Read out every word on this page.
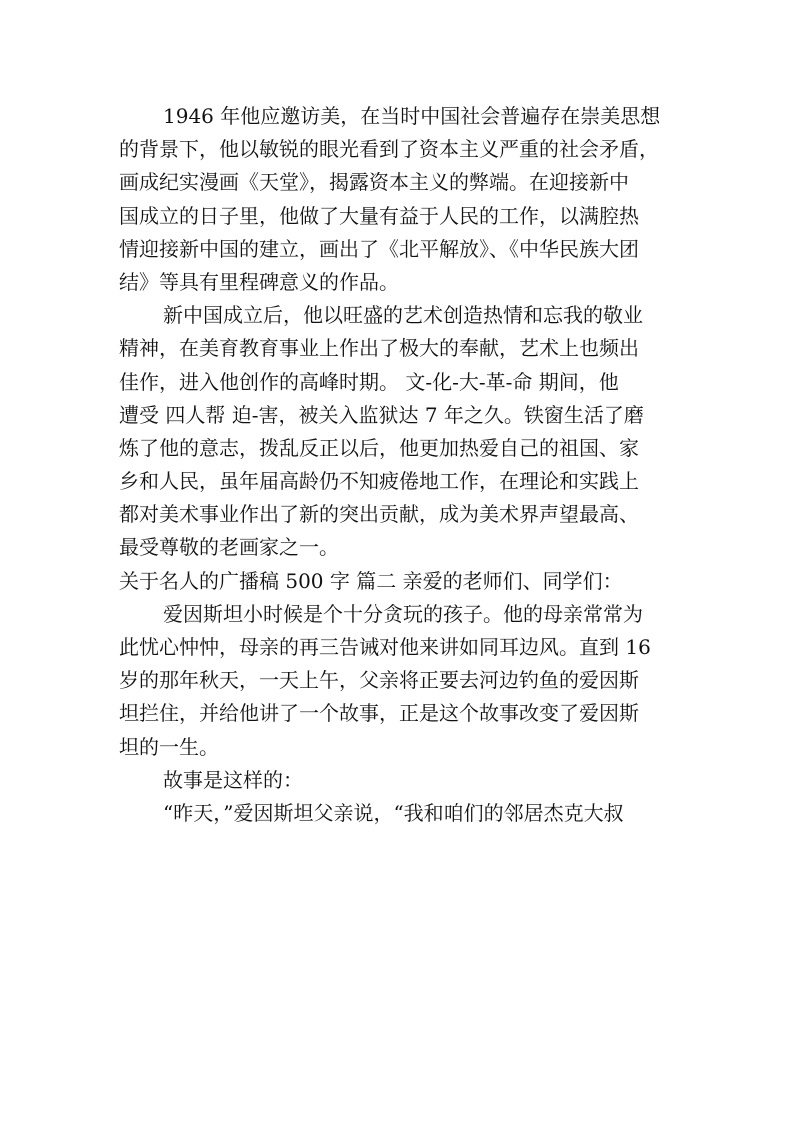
1946 年他应邀访美，在当时中国社会普遍存在崇美思想
的背景下，他以敏锐的眼光看到了资本主义严重的社会矛盾，
画成纪实漫画《天堂》，揭露资本主义的弊端。在迎接新中
国成立的日子里，他做了大量有益于人民的工作，以满腔热
情迎接新中国的建立，画出了《北平解放》、《中华民族大团
结》等具有里程碑意义的作品。
新中国成立后，他以旺盛的艺术创造热情和忘我的敬业
精神，在美育教育事业上作出了极大的奉献，艺术上也频出
佳作，进入他创作的高峰时期。 文-化-大-革-命 期间，他
遭受 四人帮 迫-害，被关入监狱达 7 年之久。铁窗生活了磨
炼了他的意志，拨乱反正以后，他更加热爱自己的祖国、家
乡和人民，虽年届高龄仍不知疲倦地工作，在理论和实践上
都对美术事业作出了新的突出贡献，成为美术界声望最高、
最受尊敬的老画家之一。
关于名人的广播稿 500 字 篇二 亲爱的老师们、同学们：
爱因斯坦小时候是个十分贪玩的孩子。他的母亲常常为
此忧心忡忡，母亲的再三告诫对他来讲如同耳边风。直到 16
岁的那年秋天，一天上午，父亲将正要去河边钓鱼的爱因斯
坦拦住，并给他讲了一个故事，正是这个故事改变了爱因斯
坦的一生。
故事是这样的：
“昨天，”爱因斯坦父亲说，“我和咱们的邻居杰克大叔
